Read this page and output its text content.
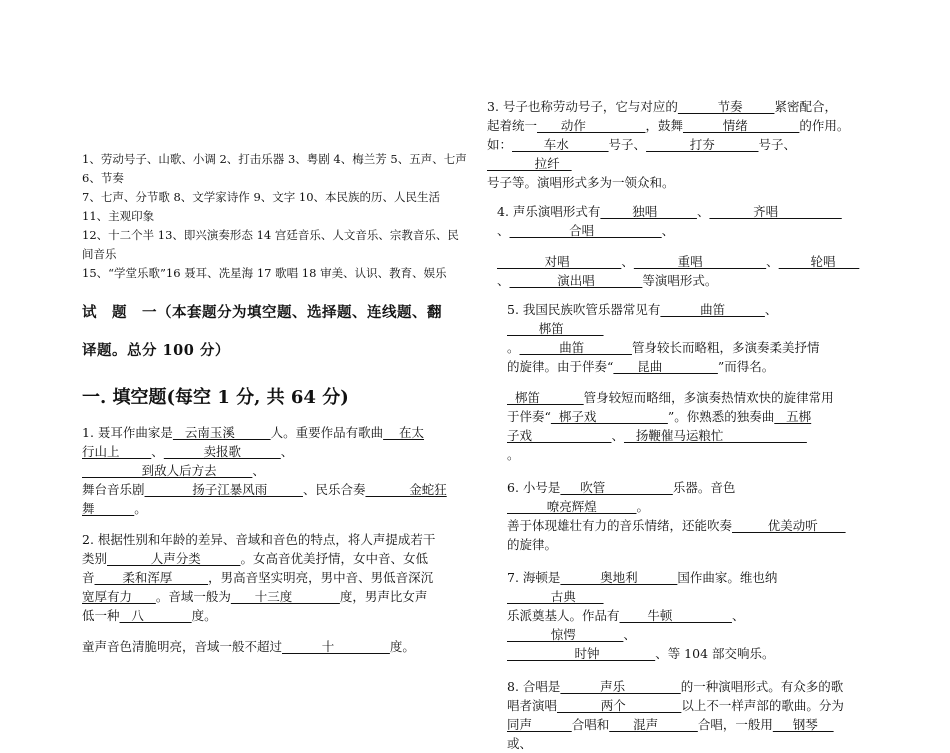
1、劳动号子、山歌、小调 2、打击乐器 3、粤剧 4、梅兰芳 5、五声、七声 6、节奏

7、七声、分节歌 8、文学家诗作 9、文字 10、本民族的历、人民生活 11、主观印象

12、十二个半 13、即兴演奏形态 14 宫廷音乐、人文音乐、宗教音乐、民间音乐

15、“学堂乐歌”16 聂耳、冼星海 17 歌唱 18 审美、认识、教育、娱乐

试　题　一（本套题分为填空题、选择题、连线题、翻

译题。总分 100 分）

一. 填空题(每空 1 分, 共 64 分)

1. 聂耳作曲家是   云南玉溪         人。重要作品有歌曲    在太
行山上        、          卖报歌          、               到敌人后方去         、
舞台音乐剧            扬子江暴风雨         、民乐合奏           金蛇狂
舞          。
2. 根据性别和年龄的差异、音域和音色的特点，将人声提成若干
类别           人声分类          。女高音优美抒情，女中音、女低
音       柔和浑厚         ，男高音坚实明亮，男中音、男低音深沉
宽厚有力      。音域一般为      十三度            度，男声比女声
低一种   八            度。
童声音色清脆明亮，音域一般不超过          十              度。
3. 号子也称劳动号子，它与对应的          节奏        紧密配合，
起着统一      动作               ，鼓舞          情绪             的作用。
如：        车水          号子、           打夯           号子、            拉纤
号子等。演唱形式多为一领众和。
4. 声乐演唱形式有        独唱          、           齐唱
、               合唱                 、

对唱             、           重唱                、        轮唱
、            演出唱            等演唱形式。
5. 我国民族吹管乐器常见有          曲笛          、        梆笛
。          曲笛            管身较长而略粗，多演奏柔美抒情
的旋律。由于伴奏“      昆曲              ”而得名。

梆笛           管身较短而略细，多演奏热情欢快的旋律常用
于伴奏“  梆子戏                  ”。你熟悉的独奏曲   五梆
子戏                    、   扬鞭催马运粮忙
。
6. 小号是     吹管                 乐器。音色          嘹亮辉煌          。
善于体现雄壮有力的音乐情绪，还能吹奏         优美动听
的旋律。
7. 海顿是          奥地利          国作曲家。维也纳           古典
乐派奠基人。作品有       牛顿               、           惊愕            、
时钟              、等 104 部交响乐。
8. 合唱是          声乐              的一种演唱形式。有众多的歌
唱者演唱           两个              以上不一样声部的歌曲。分为
同声          合唱和      混声          合唱，一般用     钢琴
或、
